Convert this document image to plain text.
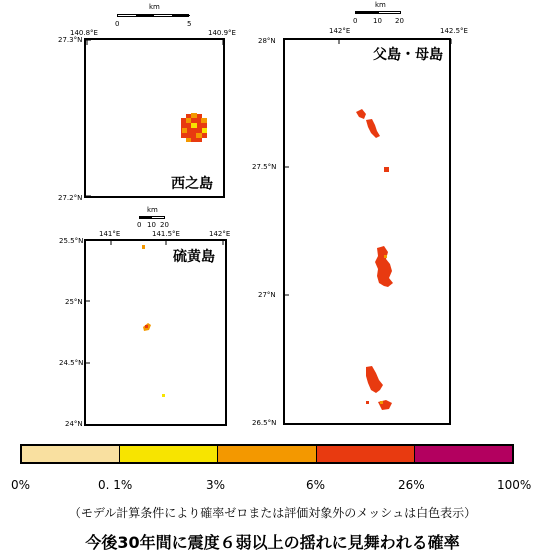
km
0	5
140.8°E	140.9°E
27.3°N
27.2°N
西之島
km
0 10 20
141°E	141.5°E	142°E
25.5°N
25°N
24.5°N
24°N
硫黄島
km
0 10 20
142°E	142.5°E
28°N
27.5°N
27°N
26.5°N
父島・母島
0%	0. 1%	3%	6%	26%	100%
（モデル計算条件により確率ゼロまたは評価対象外のメッシュは白色表示）
今後30年間に震度６弱以上の揺れに見舞われる確率
